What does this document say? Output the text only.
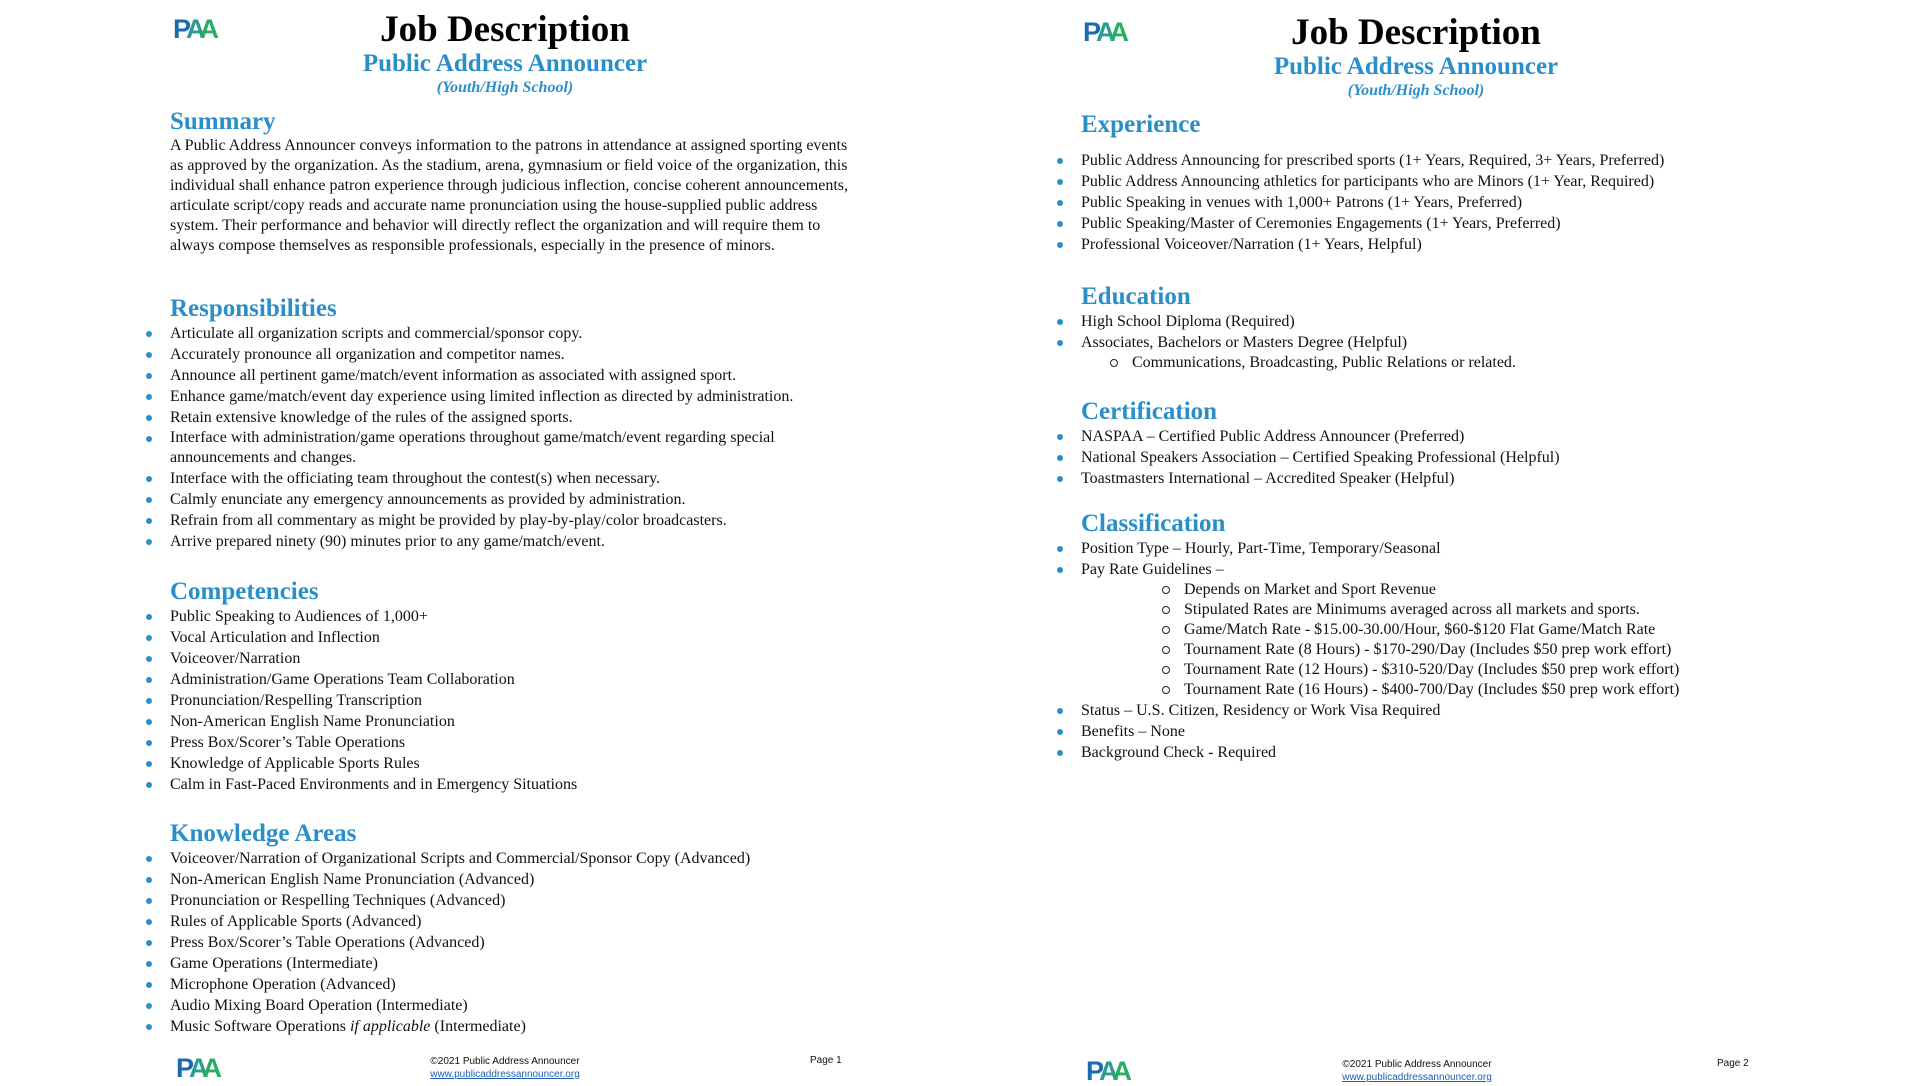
PAA	Job Description
Public Address Announcer
(Youth/High School)
Summary

A Public Address Announcer conveys information to the patrons in attendance at assigned sporting events as approved by the organization. As the stadium, arena, gymnasium or field voice of the organization, this individual shall enhance patron experience through judicious inflection, concise coherent announcements, articulate script/copy reads and accurate name pronunciation using the house-supplied public address system. Their performance and behavior will directly reflect the organization and will require them to always compose themselves as responsible professionals, especially in the presence of minors.

Responsibilities
Articulate all organization scripts and commercial/sponsor copy.
Accurately pronounce all organization and competitor names.
Announce all pertinent game/match/event information as associated with assigned sport.
Enhance game/match/event day experience using limited inflection as directed by administration.
Retain extensive knowledge of the rules of the assigned sports.
Interface with administration/game operations throughout game/match/event regarding special announcements and changes.
Interface with the officiating team throughout the contest(s) when necessary.
Calmly enunciate any emergency announcements as provided by administration.
Refrain from all commentary as might be provided by play-by-play/color broadcasters.
Arrive prepared ninety (90) minutes prior to any game/match/event.
Competencies
Public Speaking to Audiences of 1,000+
Vocal Articulation and Inflection
Voiceover/Narration
Administration/Game Operations Team Collaboration
Pronunciation/Respelling Transcription
Non-American English Name Pronunciation
Press Box/Scorer’s Table Operations
Knowledge of Applicable Sports Rules
Calm in Fast-Paced Environments and in Emergency Situations
Knowledge Areas
Voiceover/Narration of Organizational Scripts and Commercial/Sponsor Copy (Advanced)
Non-American English Name Pronunciation (Advanced)
Pronunciation or Respelling Techniques (Advanced)
Rules of Applicable Sports (Advanced)
Press Box/Scorer’s Table Operations (Advanced)
Game Operations (Intermediate)
Microphone Operation (Advanced)
Audio Mixing Board Operation (Intermediate)
Music Software Operations if applicable (Intermediate)
PAA	©2021 Public Address Announcer
www.publicaddressannouncer.org
Page 1
PAA	Job Description
Public Address Announcer
(Youth/High School)
Experience
Public Address Announcing for prescribed sports (1+ Years, Required, 3+ Years, Preferred)
Public Address Announcing athletics for participants who are Minors (1+ Year, Required)
Public Speaking in venues with 1,000+ Patrons (1+ Years, Preferred)
Public Speaking/Master of Ceremonies Engagements (1+ Years, Preferred)
Professional Voiceover/Narration (1+ Years, Helpful)
Education
High School Diploma (Required)
Associates, Bachelors or Masters Degree (Helpful)
Communications, Broadcasting, Public Relations or related.
Certification
NASPAA – Certified Public Address Announcer (Preferred)
National Speakers Association – Certified Speaking Professional (Helpful)
Toastmasters International – Accredited Speaker (Helpful)
Classification
Position Type – Hourly, Part-Time, Temporary/Seasonal
Pay Rate Guidelines –
Depends on Market and Sport Revenue
Stipulated Rates are Minimums averaged across all markets and sports.
Game/Match Rate - $15.00-30.00/Hour, $60-$120 Flat Game/Match Rate
Tournament Rate (8 Hours) - $170-290/Day (Includes $50 prep work effort)
Tournament Rate (12 Hours) - $310-520/Day (Includes $50 prep work effort)
Tournament Rate (16 Hours) - $400-700/Day (Includes $50 prep work effort)
Status – U.S. Citizen, Residency or Work Visa Required
Benefits – None
Background Check - Required
PAA	©2021 Public Address Announcer
www.publicaddressannouncer.org
Page 2
